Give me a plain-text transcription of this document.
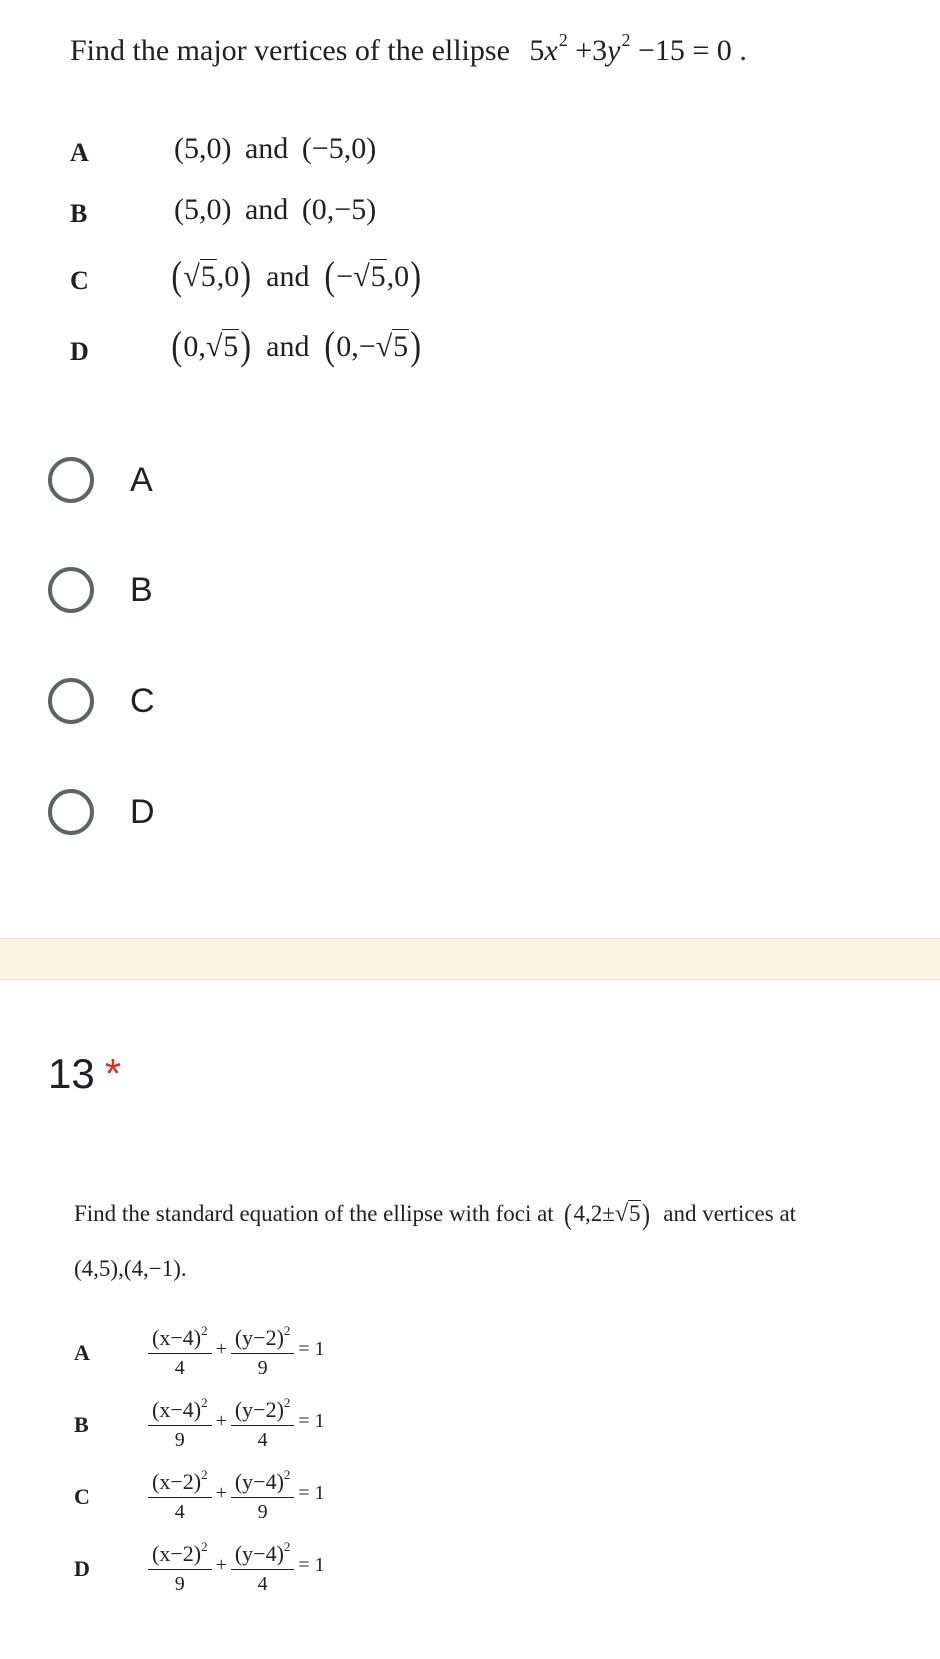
Find the major vertices of the ellipse $5x^2 +3y^2 -15 = 0$ .
A	(5,0) and (−5,0)
B	(5,0) and (0,−5)
C (√5,0) and (−√5,0)
D (0,√5) and (0,−√5)
A
B
C
D
13 *
Find the standard equation of the ellipse with foci at (4,2±√5) and vertices at
(4,5),(4,−1).
A	$\frac{(x-4)^2}{4} + \frac{(y-2)^2}{9} = 1$
B	$\frac{(x-4)^2}{9} + \frac{(y-2)^2}{4} = 1$
C	$\frac{(x-2)^2}{4} + \frac{(y-4)^2}{9} = 1$
D	$\frac{(x-2)^2}{9} + \frac{(y-4)^2}{4} = 1$
